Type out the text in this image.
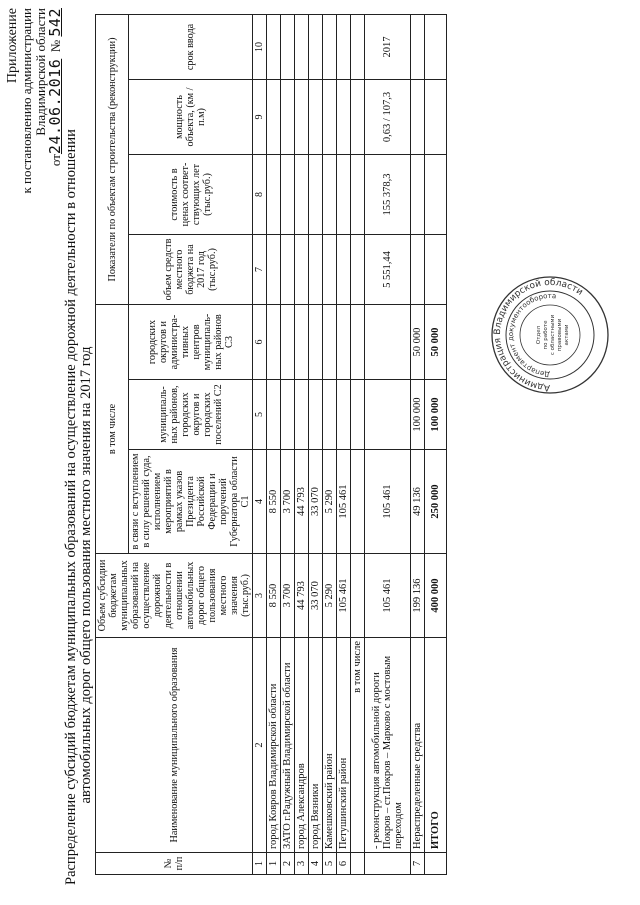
Приложение к постановлению администрации Владимирской области
от24.06.2016  № 542
Распределение субсидий бюджетам муниципальных образований на осуществление дорожной деятельности в отношении автомобильных дорог общего пользования местного значения на 2017 год
№ п/п	Наименование муниципального образования	Объем субсидии бюджетам муниципальных образований на осуществление дорожной деятельности в отношении автомобильных дорог общего пользования местного значения (тыс.руб.)	в том числе			Показатели по объектам строительства (реконструкции)			
			в связи с вступлением в силу решений суда, исполнением мероприятий в рамках указов Президента Российской Федерации и поручений Губернатора области С1	муниципаль-ных районов, городских округов и городских поселений С2	городских округов и администра-тивных центров муниципаль-ных районов С3	объем средств местного бюджета на 2017 год (тыс.руб.)	стоимость в ценах соответ-ствующих лет (тыс.руб.)	мощность объекта, (км / п.м)	срок ввода
1	2	3	4	5	6	7	8	9	10
1	город Ковров Владимирской области	8 550	8 550						
2	ЗАТО г.Радужный Владимирской области	3 700	3 700						
3	город Александров	44 793	44 793						
4	город Вязники	33 070	33 070						
5	Камешковский район	5 290	5 290						
6	Петушинский район	105 461	105 461						
	в том числе								
	- реконструкция автомобильной дороги Покров – ст.Покров – Марково с мостовым переходом	105 461	105 461			5 551,44	155 378,3	0,63 / 107,3	2017
7	Нераспределенные средства	199 136	49 136	100 000	50 000				
	ИТОГО	400 000	250 000	100 000	50 000				
Администрация Владимирской области
Департамент документооборота
Отдел по работе с областными правовыми актами
